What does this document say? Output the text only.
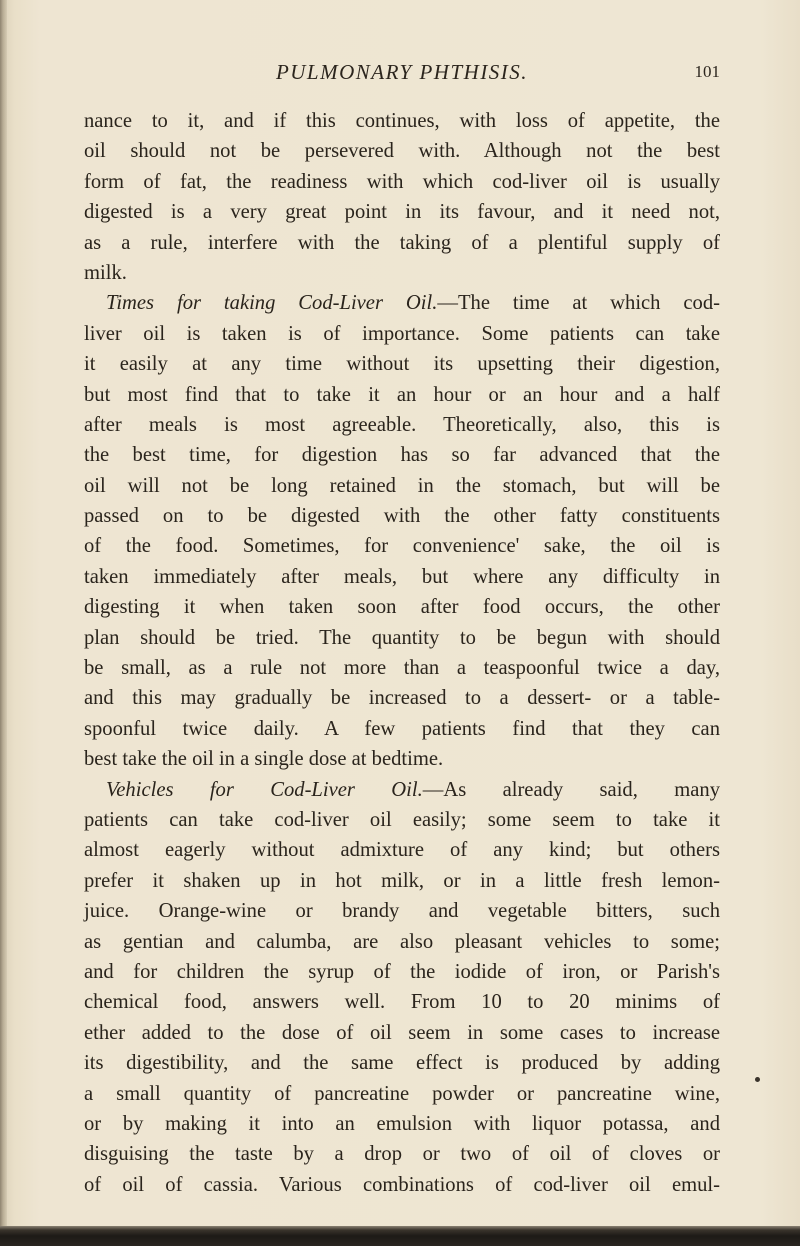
PULMONARY PHTHISIS.	101
nance to it, and if this continues, with loss of appetite, the
oil should not be persevered with. Although not the best
form of fat, the readiness with which cod-liver oil is usually
digested is a very great point in its favour, and it need not,
as a rule, interfere with the taking of a plentiful supply of
milk.
Times for taking Cod-Liver Oil.—The time at which cod-
liver oil is taken is of importance. Some patients can take
it easily at any time without its upsetting their digestion,
but most find that to take it an hour or an hour and a half
after meals is most agreeable. Theoretically, also, this is
the best time, for digestion has so far advanced that the
oil will not be long retained in the stomach, but will be
passed on to be digested with the other fatty constituents
of the food. Sometimes, for convenience' sake, the oil is
taken immediately after meals, but where any difficulty in
digesting it when taken soon after food occurs, the other
plan should be tried. The quantity to be begun with should
be small, as a rule not more than a teaspoonful twice a day,
and this may gradually be increased to a dessert- or a table-
spoonful twice daily. A few patients find that they can
best take the oil in a single dose at bedtime.
Vehicles for Cod-Liver Oil.—As already said, many
patients can take cod-liver oil easily; some seem to take it
almost eagerly without admixture of any kind; but others
prefer it shaken up in hot milk, or in a little fresh lemon-
juice. Orange-wine or brandy and vegetable bitters, such
as gentian and calumba, are also pleasant vehicles to some;
and for children the syrup of the iodide of iron, or Parish's
chemical food, answers well. From 10 to 20 minims of
ether added to the dose of oil seem in some cases to increase
its digestibility, and the same effect is produced by adding
a small quantity of pancreatine powder or pancreatine wine,
or by making it into an emulsion with liquor potassa, and
disguising the taste by a drop or two of oil of cloves or
of oil of cassia. Various combinations of cod-liver oil emul-
